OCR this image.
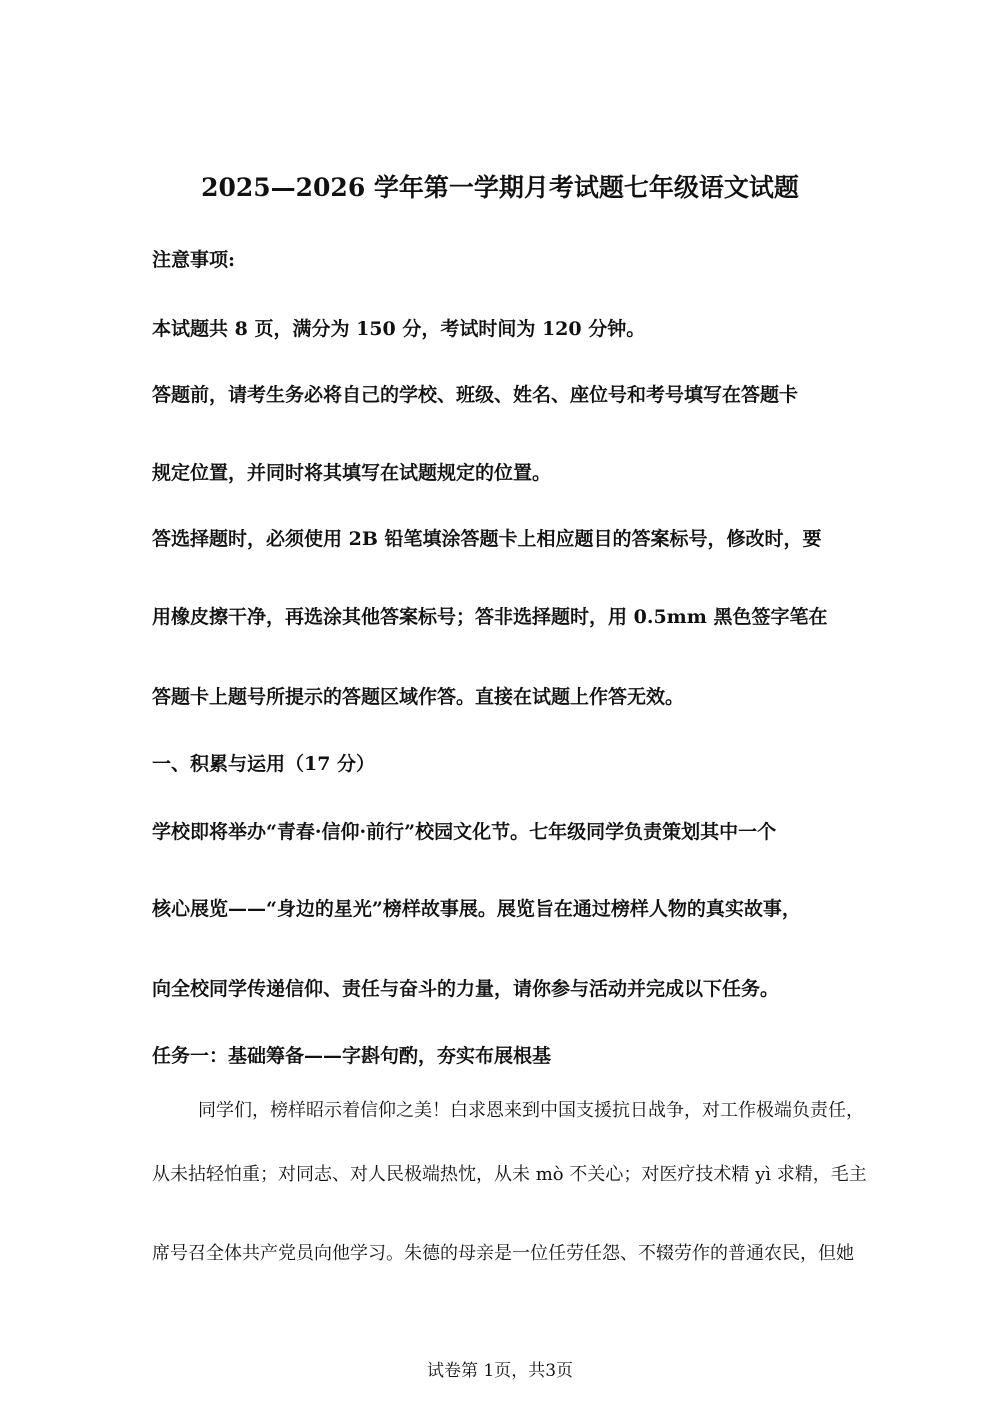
2025—2026 学年第一学期月考试题七年级语文试题
注意事项:
本试题共 8 页，满分为 150 分，考试时间为 120 分钟。
答题前，请考生务必将自己的学校、班级、姓名、座位号和考号填写在答题卡
规定位置，并同时将其填写在试题规定的位置。
答选择题时，必须使用 2B 铅笔填涂答题卡上相应题目的答案标号，修改时，要
用橡皮擦干净，再选涂其他答案标号；答非选择题时，用 0.5mm 黑色签字笔在
答题卡上题号所提示的答题区域作答。直接在试题上作答无效。
一、积累与运用（17 分）
学校即将举办“青春·信仰·前行”校园文化节。七年级同学负责策划其中一个
核心展览——“身边的星光”榜样故事展。展览旨在通过榜样人物的真实故事，
向全校同学传递信仰、责任与奋斗的力量，请你参与活动并完成以下任务。
任务一：基础筹备——字斟句酌，夯实布展根基
同学们，榜样昭示着信仰之美！白求恩来到中国支援抗日战争，对工作极端负责任，
从未拈轻怕重；对同志、对人民极端热忱，从未 mò 不关心；对医疗技术精 yì 求精，毛主
席号召全体共产党员向他学习。朱德的母亲是一位任劳任怨、不辍劳作的普通农民，但她
试卷第 1页，共3页
